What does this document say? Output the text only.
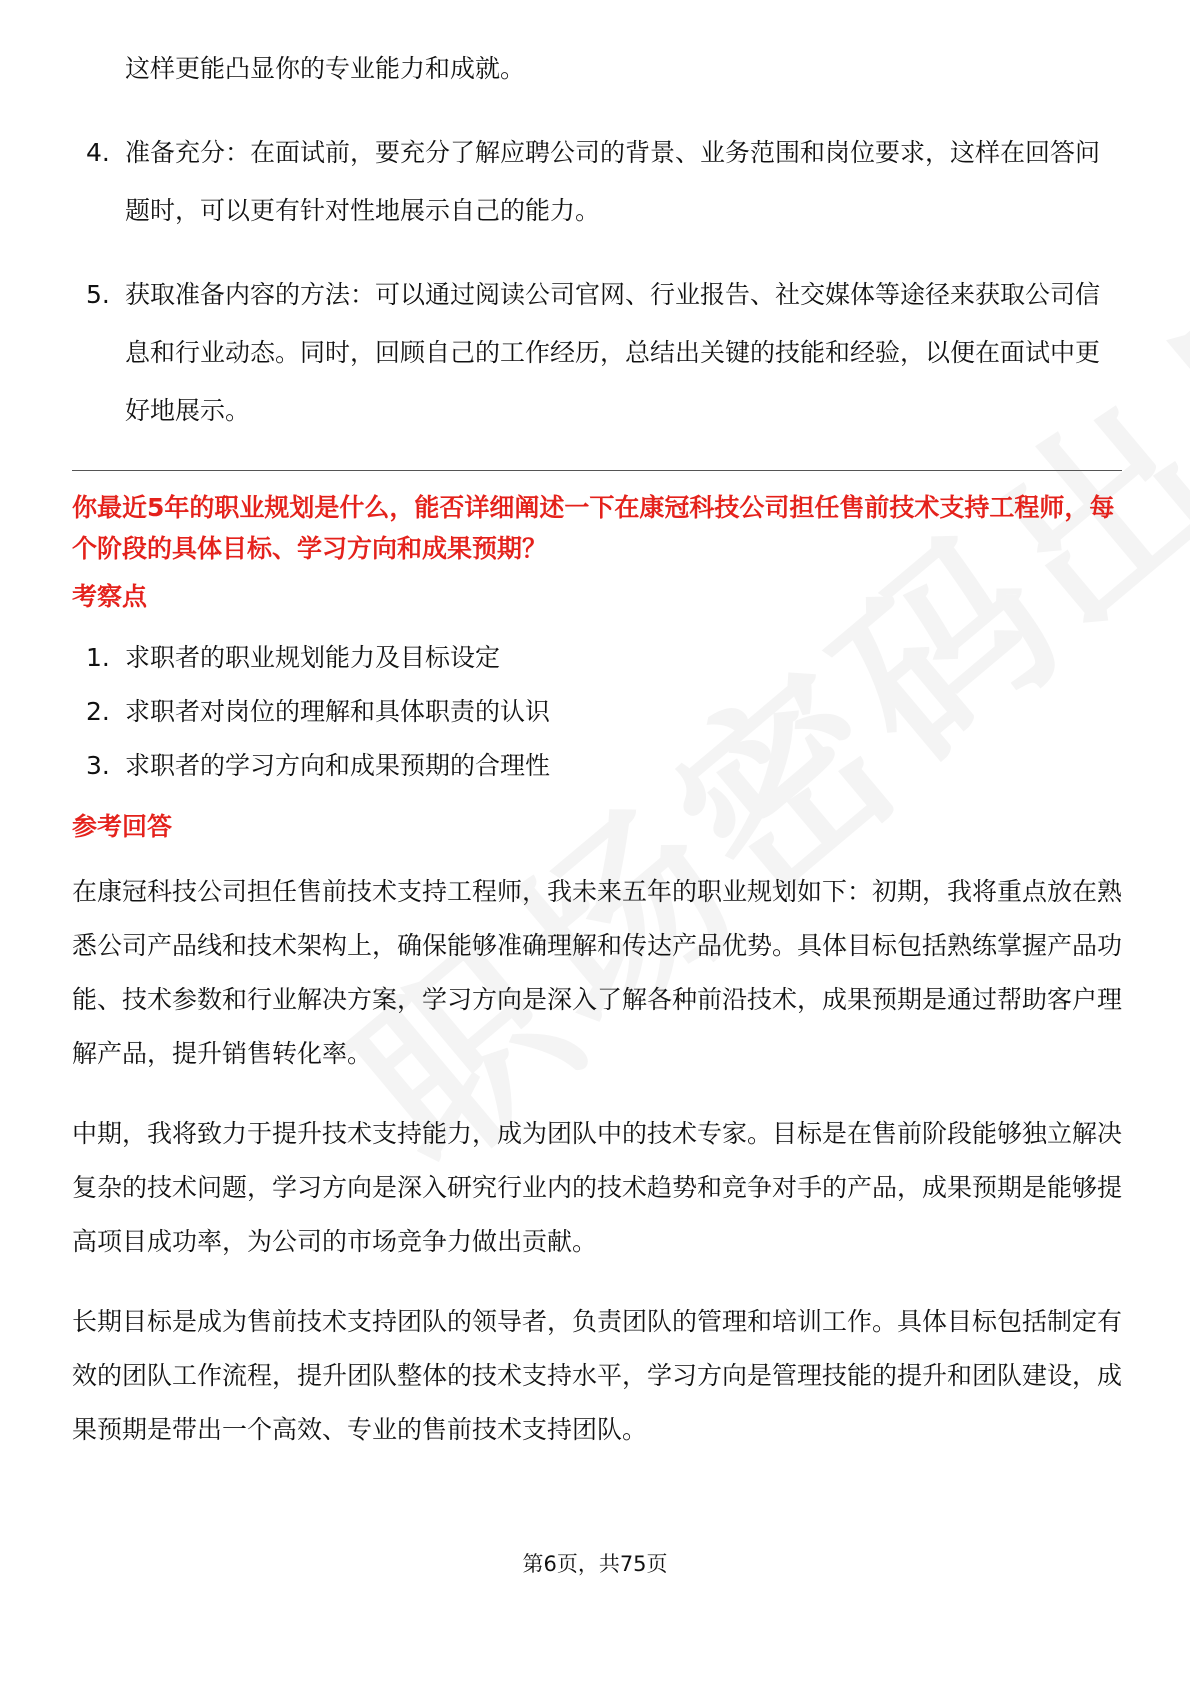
这样更能凸显你的专业能力和成就。

4. 准备充分：在面试前，要充分了解应聘公司的背景、业务范围和岗位要求，这样在回答问题时，可以更有针对性地展示自己的能力。
5. 获取准备内容的方法：可以通过阅读公司官网、行业报告、社交媒体等途径来获取公司信息和行业动态。同时，回顾自己的工作经历，总结出关键的技能和经验，以便在面试中更好地展示。

你最近5年的职业规划是什么，能否详细阐述一下在康冠科技公司担任售前技术支持工程师，每个阶段的具体目标、学习方向和成果预期？

考察点

1. 求职者的职业规划能力及目标设定
2. 求职者对岗位的理解和具体职责的认识
3. 求职者的学习方向和成果预期的合理性

参考回答

在康冠科技公司担任售前技术支持工程师，我未来五年的职业规划如下：初期，我将重点放在熟悉公司产品线和技术架构上，确保能够准确理解和传达产品优势。具体目标包括熟练掌握产品功能、技术参数和行业解决方案，学习方向是深入了解各种前沿技术，成果预期是通过帮助客户理解产品，提升销售转化率。

中期，我将致力于提升技术支持能力，成为团队中的技术专家。目标是在售前阶段能够独立解决复杂的技术问题，学习方向是深入研究行业内的技术趋势和竞争对手的产品，成果预期是能够提高项目成功率，为公司的市场竞争力做出贡献。

长期目标是成为售前技术支持团队的领导者，负责团队的管理和培训工作。具体目标包括制定有效的团队工作流程，提升团队整体的技术支持水平，学习方向是管理技能的提升和团队建设，成果预期是带出一个高效、专业的售前技术支持团队。

第6页，共75页
